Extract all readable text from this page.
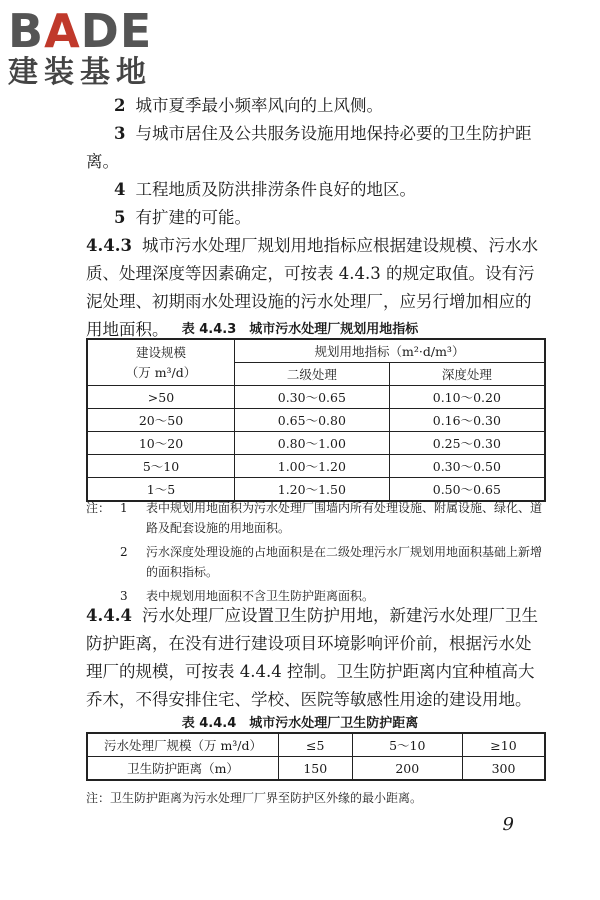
BADE
建装基地
2 城市夏季最小频率风向的上风侧。
3 与城市居住及公共服务设施用地保持必要的卫生防护距离。
4 工程地质及防洪排涝条件良好的地区。
5 有扩建的可能。
4.4.3 城市污水处理厂规划用地指标应根据建设规模、污水水质、处理深度等因素确定，可按表 4.4.3 的规定取值。设有污泥处理、初期雨水处理设施的污水处理厂，应另行增加相应的用地面积。	表 4.4.3　城市污水处理厂规划用地指标
建设规模
（万 m³/d）	规划用地指标（m²·d/m³）	
	二级处理	深度处理
>50	0.30～0.65	0.10～0.20
20～50	0.65～0.80	0.16～0.30
10～20	0.80～1.00	0.25～0.30
5～10	1.00～1.20	0.30～0.50
1～5	1.20～1.50	0.50～0.65
注： 1	表中规划用地面积为污水处理厂围墙内所有处理设施、附属设施、绿化、道路及配套设施的用地面积。
2	污水深度处理设施的占地面积是在二级处理污水厂规划用地面积基础上新增的面积指标。
3	表中规划用地面积不含卫生防护距离面积。
4.4.4 污水处理厂应设置卫生防护用地，新建污水处理厂卫生防护距离，在没有进行建设项目环境影响评价前，根据污水处理厂的规模，可按表 4.4.4 控制。卫生防护距离内宜种植高大乔木，不得安排住宅、学校、医院等敏感性用途的建设用地。
表 4.4.4　城市污水处理厂卫生防护距离
污水处理厂规模（万 m³/d）	≤5	5～10	≥10
卫生防护距离（m）	150	200	300
注：卫生防护距离为污水处理厂厂界至防护区外缘的最小距离。
9
